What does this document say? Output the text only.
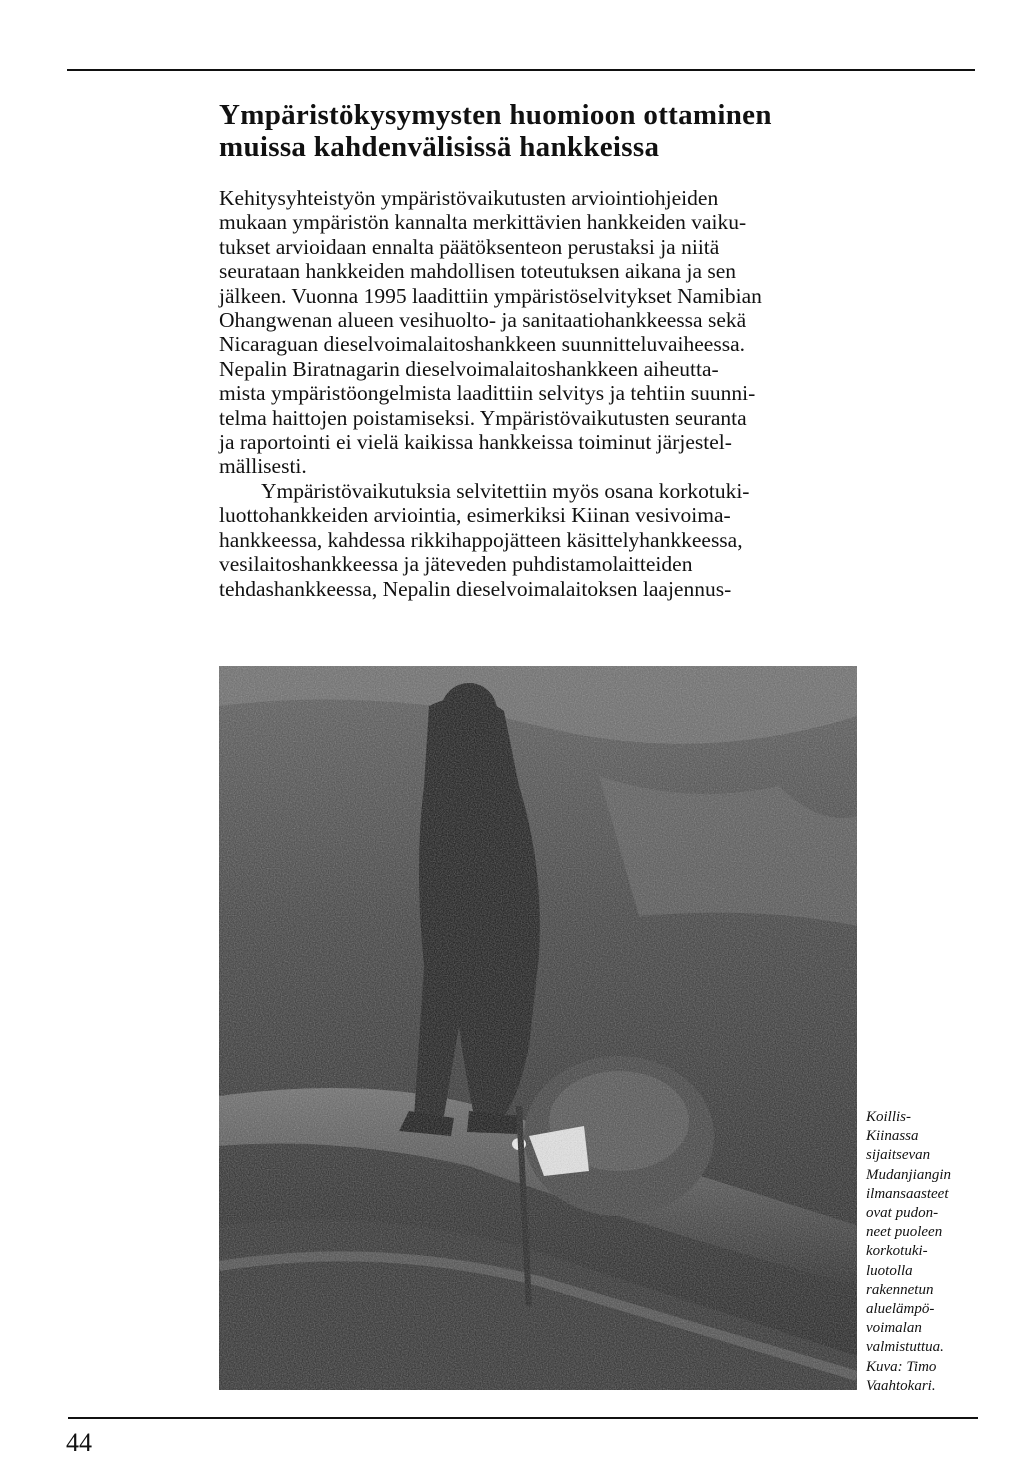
Ympäristökysymysten huomioon ottaminen
muissa kahdenvälisissä hankkeissa

Kehitysyhteistyön ympäristövaikutusten arviointiohjeiden
mukaan ympäristön kannalta merkittävien hankkeiden vaiku-
tukset arvioidaan ennalta päätöksenteon perustaksi ja niitä
seurataan hankkeiden mahdollisen toteutuksen aikana ja sen
jälkeen. Vuonna 1995 laadittiin ympäristöselvitykset Namibian
Ohangwenan alueen vesihuolto- ja sanitaatiohankkeessa sekä
Nicaraguan dieselvoimalaitoshankkeen suunnitteluvaiheessa.
Nepalin Biratnagarin dieselvoimalaitoshankkeen aiheutta-
mista ympäristöongelmista laadittiin selvitys ja tehtiin suunni-
telma haittojen poistamiseksi. Ympäristövaikutusten seuranta
ja raportointi ei vielä kaikissa hankkeissa toiminut järjestel-
mällisesti.

Ympäristövaikutuksia selvitettiin myös osana korkotuki-
luottohankkeiden arviointia, esimerkiksi Kiinan vesivoima-
hankkeessa, kahdessa rikkihappojätteen käsittelyhankkeessa,
vesilaitoshankkeessa ja jäteveden puhdistamolaitteiden
tehdashankkeessa, Nepalin dieselvoimalaitoksen laajennus-

Koillis-
Kiinassa
sijaitsevan
Mudanjiangin
ilmansaasteet
ovat pudon-
neet puoleen
korkotuki-
luotolla
rakennetun
aluelämpö-
voimalan
valmistuttua.
Kuva: Timo
Vaahtokari.
44
